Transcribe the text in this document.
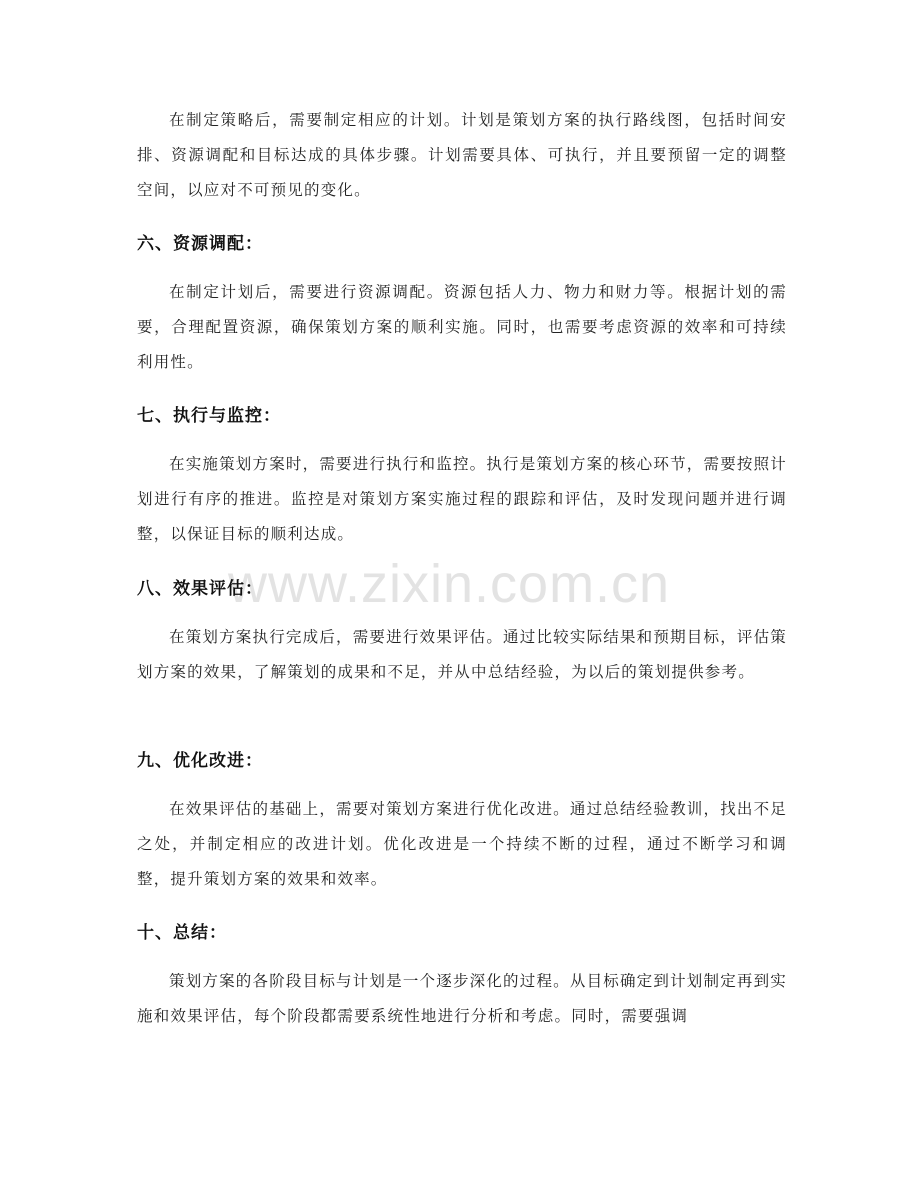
www.zixin.com.cn

在制定策略后，需要制定相应的计划。计划是策划方案的执行路线图，包括时间安排、资源调配和目标达成的具体步骤。计划需要具体、可执行，并且要预留一定的调整空间，以应对不可预见的变化。

六、资源调配：

在制定计划后，需要进行资源调配。资源包括人力、物力和财力等。根据计划的需要，合理配置资源，确保策划方案的顺利实施。同时，也需要考虑资源的效率和可持续利用性。

七、执行与监控：

在实施策划方案时，需要进行执行和监控。执行是策划方案的核心环节，需要按照计划进行有序的推进。监控是对策划方案实施过程的跟踪和评估，及时发现问题并进行调整，以保证目标的顺利达成。

八、效果评估：

在策划方案执行完成后，需要进行效果评估。通过比较实际结果和预期目标，评估策划方案的效果，了解策划的成果和不足，并从中总结经验，为以后的策划提供参考。

九、优化改进：

在效果评估的基础上，需要对策划方案进行优化改进。通过总结经验教训，找出不足之处，并制定相应的改进计划。优化改进是一个持续不断的过程，通过不断学习和调整，提升策划方案的效果和效率。

十、总结：

策划方案的各阶段目标与计划是一个逐步深化的过程。从目标确定到计划制定再到实施和效果评估，每个阶段都需要系统性地进行分析和考虑。同时，需要强调
